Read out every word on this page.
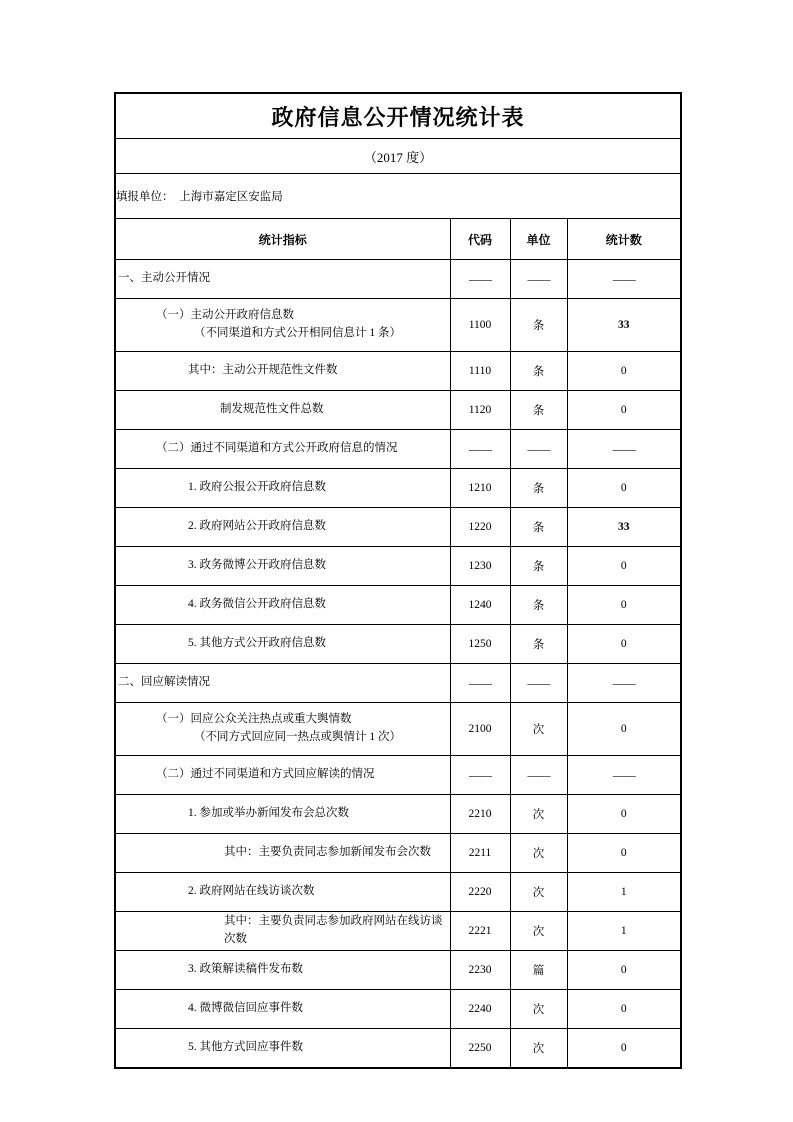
政府信息公开情况统计表			
（2017 度）			
填报单位： 上海市嘉定区安监局			
统计指标	代码	单位	统计数

一、主动公开情况	——	——	——

（一）主动公开政府信息数
（不同渠道和方式公开相同信息计 1 条）	1100	条	33

其中：主动公开规范性文件数	1110	条	0

制发规范性文件总数	1120	条	0

（二）通过不同渠道和方式公开政府信息的情况	——	——	——

1. 政府公报公开政府信息数	1210	条	0

2. 政府网站公开政府信息数	1220	条	33

3. 政务微博公开政府信息数	1230	条	0

4. 政务微信公开政府信息数	1240	条	0

5. 其他方式公开政府信息数	1250	条	0

二、回应解读情况	——	——	——

（一）回应公众关注热点或重大舆情数
（不同方式回应同一热点或舆情计 1 次）	2100	次	0

（二）通过不同渠道和方式回应解读的情况	——	——	——

1. 参加或举办新闻发布会总次数	2210	次	0

其中：主要负责同志参加新闻发布会次数	2211	次	0

2. 政府网站在线访谈次数	2220	次	1

其中：主要负责同志参加政府网站在线访谈次数	2221	次	1

3. 政策解读稿件发布数	2230	篇	0

4. 微博微信回应事件数	2240	次	0

5. 其他方式回应事件数	2250	次	0
